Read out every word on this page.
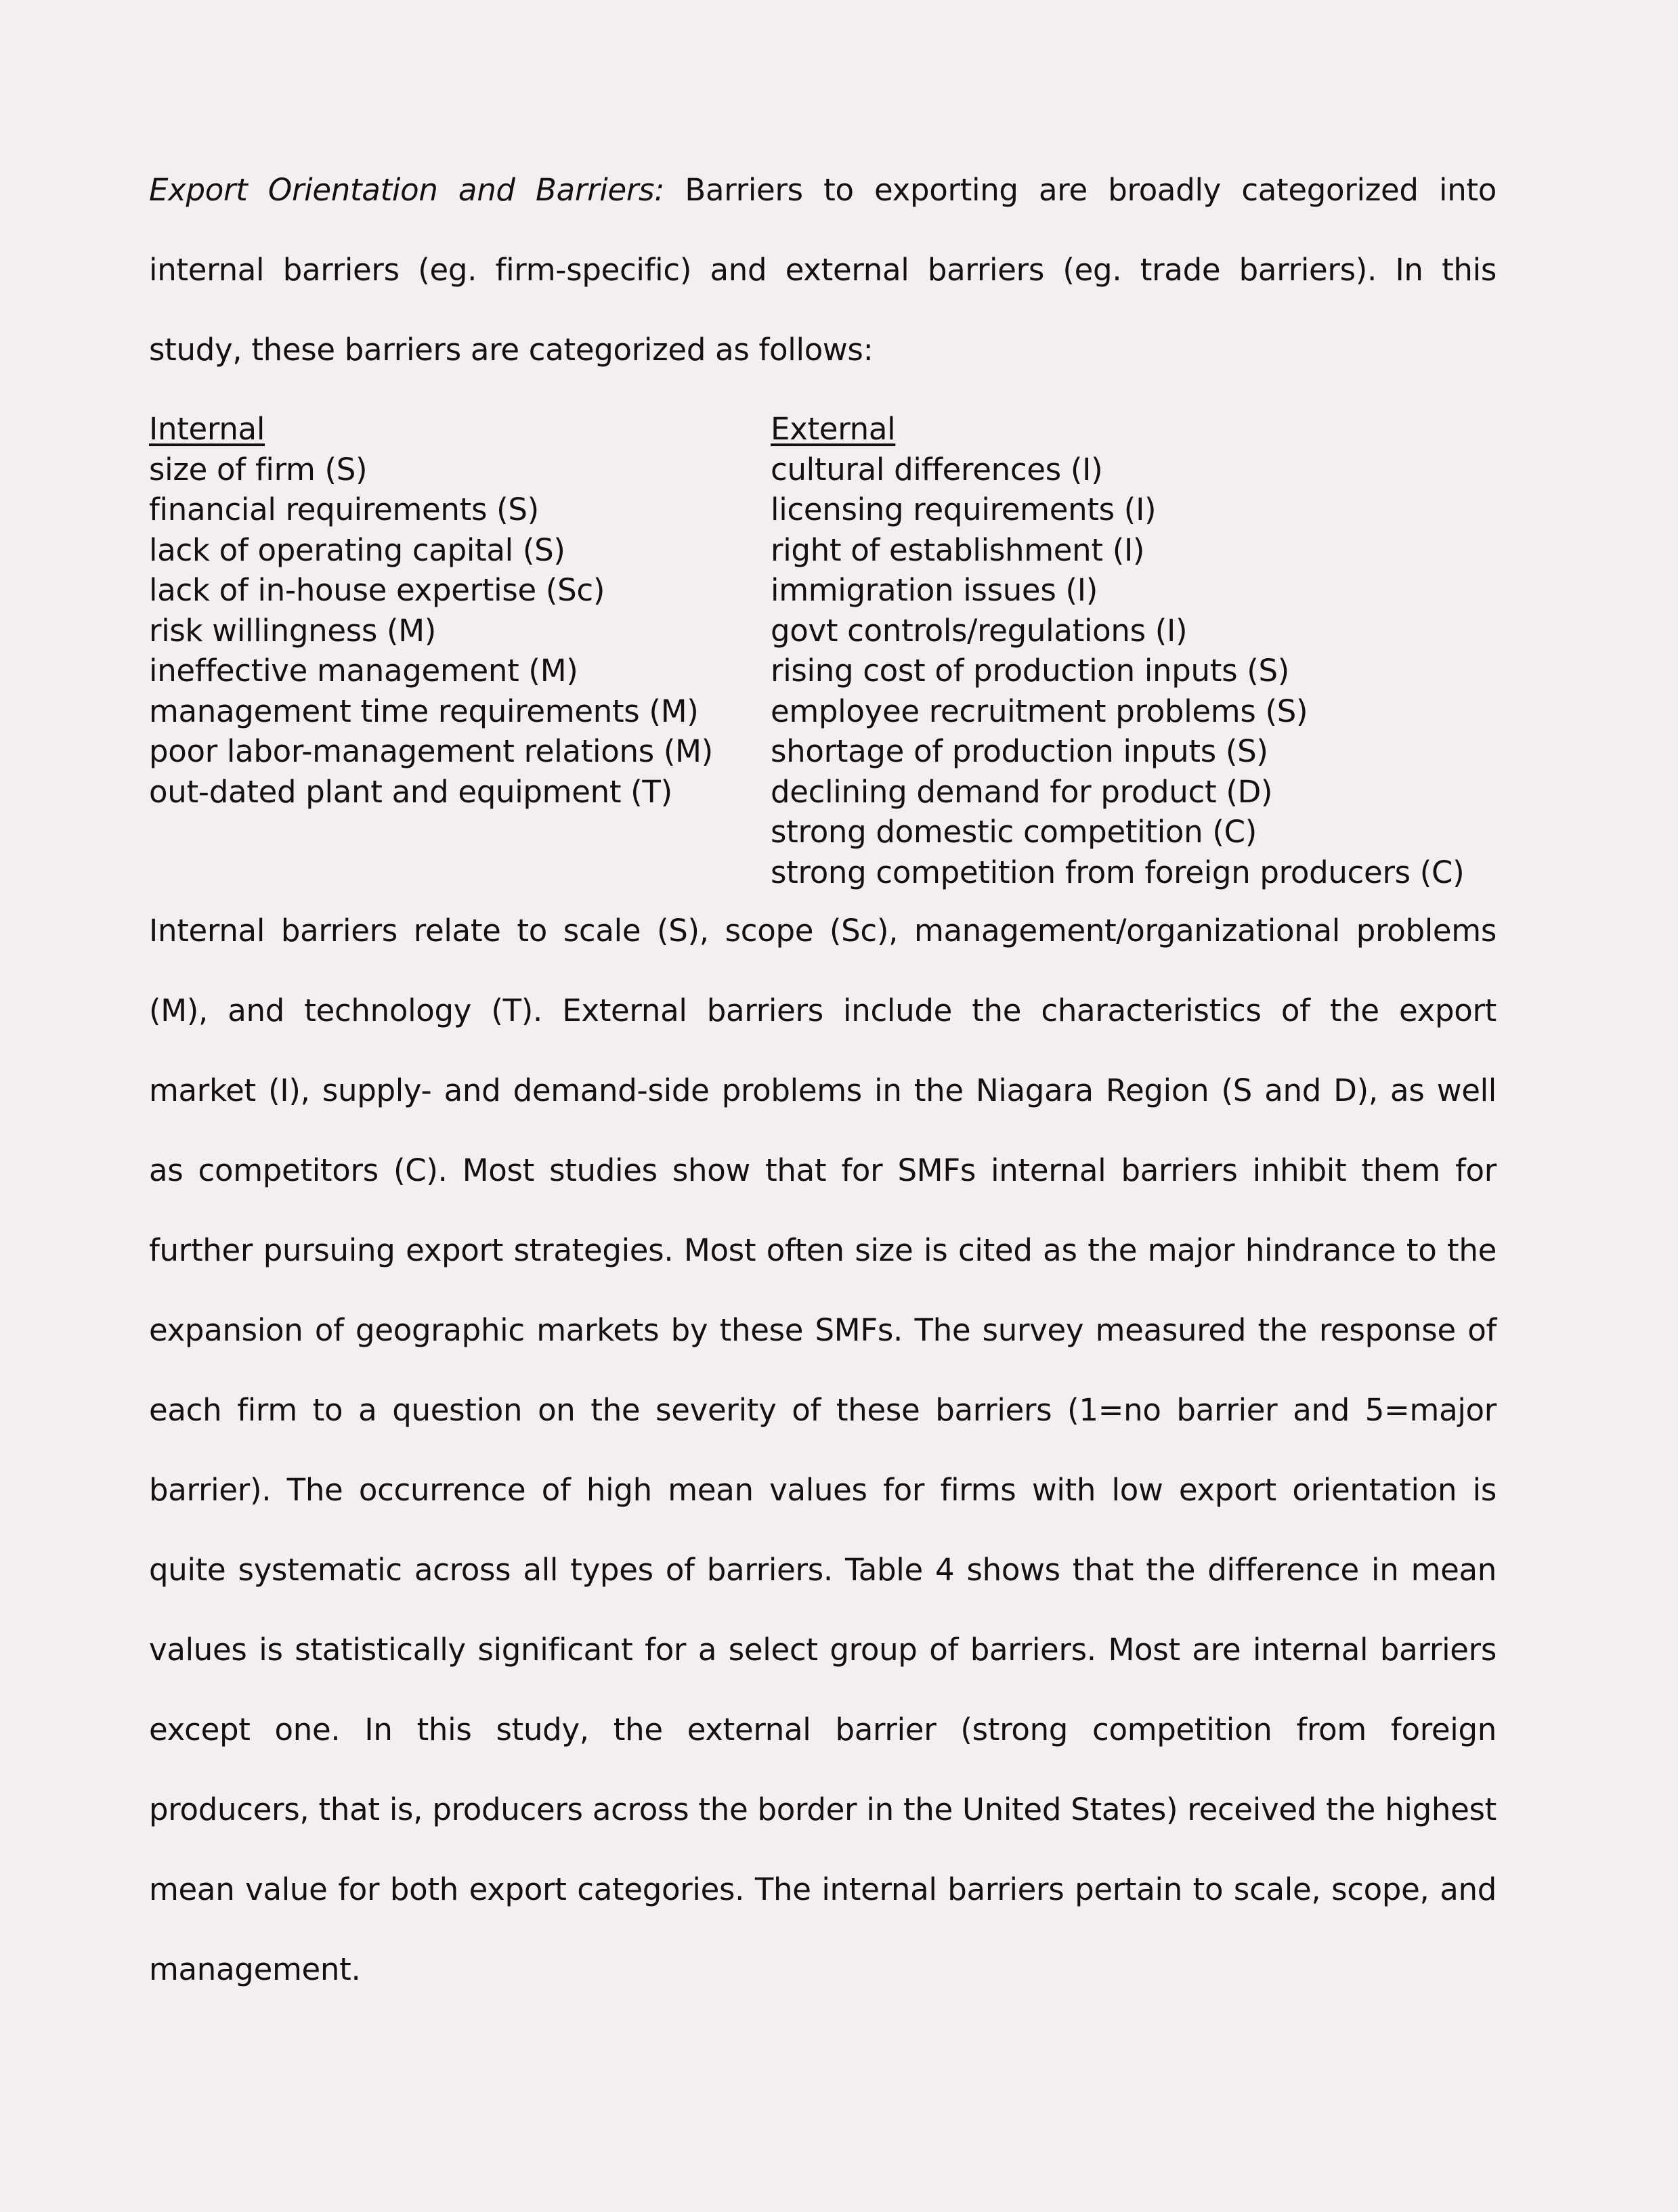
Export Orientation and Barriers: Barriers to exporting are broadly categorized into internal barriers (eg. firm-specific) and external barriers (eg. trade barriers). In this study, these barriers are categorized as follows:

Internal
size of firm (S)
financial requirements (S)
lack of operating capital (S)
lack of in-house expertise (Sc)
risk willingness (M)
ineffective management (M)
management time requirements (M)
poor labor-management relations (M)
out-dated plant and equipment (T)
External
cultural differences (I)
licensing requirements (I)
right of establishment (I)
immigration issues (I)
govt controls/regulations (I)
rising cost of production inputs (S)
employee recruitment problems (S)
shortage of production inputs (S)
declining demand for product (D)
strong domestic competition (C)
strong competition from foreign producers (C)

Internal barriers relate to scale (S), scope (Sc), management/organizational problems (M), and technology (T). External barriers include the characteristics of the export market (I), supply- and demand-side problems in the Niagara Region (S and D), as well as competitors (C). Most studies show that for SMFs internal barriers inhibit them for further pursuing export strategies. Most often size is cited as the major hindrance to the expansion of geographic markets by these SMFs. The survey measured the response of each firm to a question on the severity of these barriers (1=no barrier and 5=major barrier). The occurrence of high mean values for firms with low export orientation is quite systematic across all types of barriers. Table 4 shows that the difference in mean values is statistically significant for a select group of barriers. Most are internal barriers except one. In this study, the external barrier (strong competition from foreign producers, that is, producers across the border in the United States) received the highest mean value for both export categories. The internal barriers pertain to scale, scope, and management.
